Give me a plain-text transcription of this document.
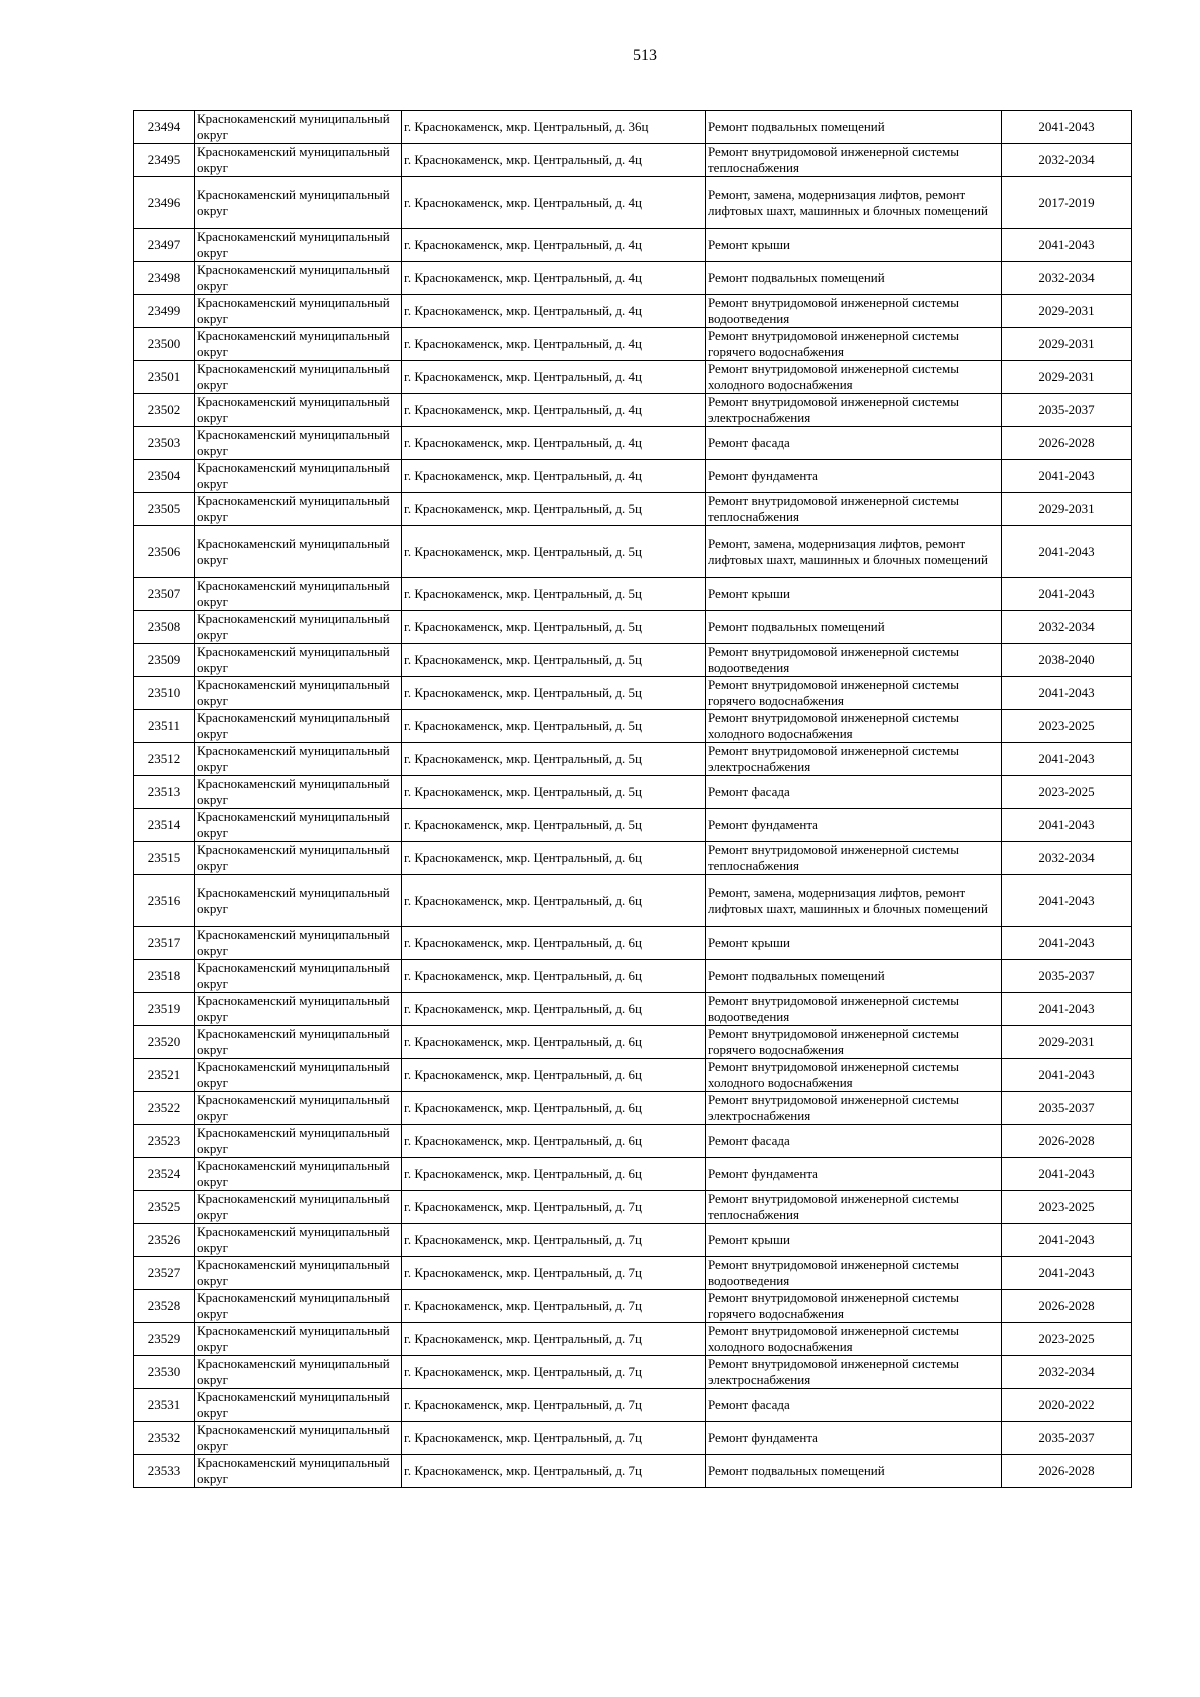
513
23494	Краснокаменский муниципальный округ	г. Краснокаменск, мкр. Центральный, д. 36ц	Ремонт подвальных помещений	2041-2043
23495	Краснокаменский муниципальный округ	г. Краснокаменск, мкр. Центральный, д. 4ц	Ремонт внутридомовой инженерной системы теплоснабжения	2032-2034
23496	Краснокаменский муниципальный округ	г. Краснокаменск, мкр. Центральный, д. 4ц	Ремонт, замена, модернизация лифтов, ремонт лифтовых шахт, машинных и блочных помещений	2017-2019
23497	Краснокаменский муниципальный округ	г. Краснокаменск, мкр. Центральный, д. 4ц	Ремонт крыши	2041-2043
23498	Краснокаменский муниципальный округ	г. Краснокаменск, мкр. Центральный, д. 4ц	Ремонт подвальных помещений	2032-2034
23499	Краснокаменский муниципальный округ	г. Краснокаменск, мкр. Центральный, д. 4ц	Ремонт внутридомовой инженерной системы водоотведения	2029-2031
23500	Краснокаменский муниципальный округ	г. Краснокаменск, мкр. Центральный, д. 4ц	Ремонт внутридомовой инженерной системы горячего водоснабжения	2029-2031
23501	Краснокаменский муниципальный округ	г. Краснокаменск, мкр. Центральный, д. 4ц	Ремонт внутридомовой инженерной системы холодного водоснабжения	2029-2031
23502	Краснокаменский муниципальный округ	г. Краснокаменск, мкр. Центральный, д. 4ц	Ремонт внутридомовой инженерной системы электроснабжения	2035-2037
23503	Краснокаменский муниципальный округ	г. Краснокаменск, мкр. Центральный, д. 4ц	Ремонт фасада	2026-2028
23504	Краснокаменский муниципальный округ	г. Краснокаменск, мкр. Центральный, д. 4ц	Ремонт фундамента	2041-2043
23505	Краснокаменский муниципальный округ	г. Краснокаменск, мкр. Центральный, д. 5ц	Ремонт внутридомовой инженерной системы теплоснабжения	2029-2031
23506	Краснокаменский муниципальный округ	г. Краснокаменск, мкр. Центральный, д. 5ц	Ремонт, замена, модернизация лифтов, ремонт лифтовых шахт, машинных и блочных помещений	2041-2043
23507	Краснокаменский муниципальный округ	г. Краснокаменск, мкр. Центральный, д. 5ц	Ремонт крыши	2041-2043
23508	Краснокаменский муниципальный округ	г. Краснокаменск, мкр. Центральный, д. 5ц	Ремонт подвальных помещений	2032-2034
23509	Краснокаменский муниципальный округ	г. Краснокаменск, мкр. Центральный, д. 5ц	Ремонт внутридомовой инженерной системы водоотведения	2038-2040
23510	Краснокаменский муниципальный округ	г. Краснокаменск, мкр. Центральный, д. 5ц	Ремонт внутридомовой инженерной системы горячего водоснабжения	2041-2043
23511	Краснокаменский муниципальный округ	г. Краснокаменск, мкр. Центральный, д. 5ц	Ремонт внутридомовой инженерной системы холодного водоснабжения	2023-2025
23512	Краснокаменский муниципальный округ	г. Краснокаменск, мкр. Центральный, д. 5ц	Ремонт внутридомовой инженерной системы электроснабжения	2041-2043
23513	Краснокаменский муниципальный округ	г. Краснокаменск, мкр. Центральный, д. 5ц	Ремонт фасада	2023-2025
23514	Краснокаменский муниципальный округ	г. Краснокаменск, мкр. Центральный, д. 5ц	Ремонт фундамента	2041-2043
23515	Краснокаменский муниципальный округ	г. Краснокаменск, мкр. Центральный, д. 6ц	Ремонт внутридомовой инженерной системы теплоснабжения	2032-2034
23516	Краснокаменский муниципальный округ	г. Краснокаменск, мкр. Центральный, д. 6ц	Ремонт, замена, модернизация лифтов, ремонт лифтовых шахт, машинных и блочных помещений	2041-2043
23517	Краснокаменский муниципальный округ	г. Краснокаменск, мкр. Центральный, д. 6ц	Ремонт крыши	2041-2043
23518	Краснокаменский муниципальный округ	г. Краснокаменск, мкр. Центральный, д. 6ц	Ремонт подвальных помещений	2035-2037
23519	Краснокаменский муниципальный округ	г. Краснокаменск, мкр. Центральный, д. 6ц	Ремонт внутридомовой инженерной системы водоотведения	2041-2043
23520	Краснокаменский муниципальный округ	г. Краснокаменск, мкр. Центральный, д. 6ц	Ремонт внутридомовой инженерной системы горячего водоснабжения	2029-2031
23521	Краснокаменский муниципальный округ	г. Краснокаменск, мкр. Центральный, д. 6ц	Ремонт внутридомовой инженерной системы холодного водоснабжения	2041-2043
23522	Краснокаменский муниципальный округ	г. Краснокаменск, мкр. Центральный, д. 6ц	Ремонт внутридомовой инженерной системы электроснабжения	2035-2037
23523	Краснокаменский муниципальный округ	г. Краснокаменск, мкр. Центральный, д. 6ц	Ремонт фасада	2026-2028
23524	Краснокаменский муниципальный округ	г. Краснокаменск, мкр. Центральный, д. 6ц	Ремонт фундамента	2041-2043
23525	Краснокаменский муниципальный округ	г. Краснокаменск, мкр. Центральный, д. 7ц	Ремонт внутридомовой инженерной системы теплоснабжения	2023-2025
23526	Краснокаменский муниципальный округ	г. Краснокаменск, мкр. Центральный, д. 7ц	Ремонт крыши	2041-2043
23527	Краснокаменский муниципальный округ	г. Краснокаменск, мкр. Центральный, д. 7ц	Ремонт внутридомовой инженерной системы водоотведения	2041-2043
23528	Краснокаменский муниципальный округ	г. Краснокаменск, мкр. Центральный, д. 7ц	Ремонт внутридомовой инженерной системы горячего водоснабжения	2026-2028
23529	Краснокаменский муниципальный округ	г. Краснокаменск, мкр. Центральный, д. 7ц	Ремонт внутридомовой инженерной системы холодного водоснабжения	2023-2025
23530	Краснокаменский муниципальный округ	г. Краснокаменск, мкр. Центральный, д. 7ц	Ремонт внутридомовой инженерной системы электроснабжения	2032-2034
23531	Краснокаменский муниципальный округ	г. Краснокаменск, мкр. Центральный, д. 7ц	Ремонт фасада	2020-2022
23532	Краснокаменский муниципальный округ	г. Краснокаменск, мкр. Центральный, д. 7ц	Ремонт фундамента	2035-2037
23533	Краснокаменский муниципальный округ	г. Краснокаменск, мкр. Центральный, д. 7ц	Ремонт подвальных помещений	2026-2028
